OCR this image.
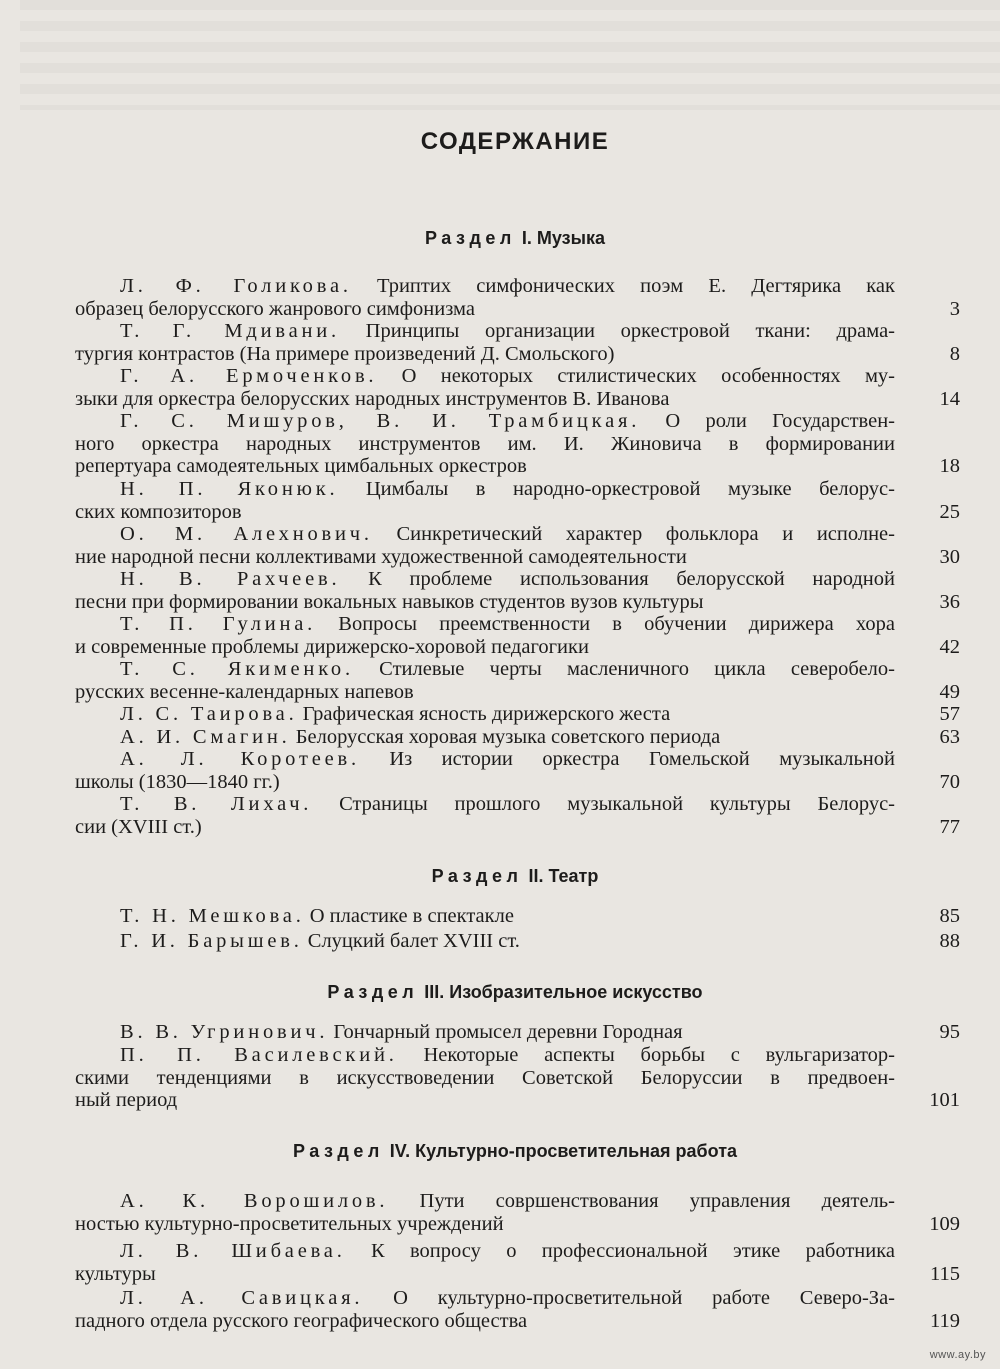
СОДЕРЖАНИЕ
Раздел I. Музыка
Л. Ф. Голикова. Триптих симфонических поэм Е. Дегтярика как
образец белорусского жанрового симфонизма	3
Т. Г. Мдивани. Принципы организации оркестровой ткани: драма-
тургия контрастов (На примере произведений Д. Смольского)	8
Г. А. Ермоченков. О некоторых стилистических особенностях му-
зыки для оркестра белорусских народных инструментов В. Иванова	14
Г. С. Мишуров, В. И. Трамбицкая. О роли Государствен-
ного оркестра народных инструментов им. И. Жиновича в формировании
репертуара самодеятельных цимбальных оркестров	18
Н. П. Яконюк. Цимбалы в народно-оркестровой музыке белорус-
ских композиторов	25
О. М. Алехнович. Синкретический характер фольклора и исполне-
ние народной песни коллективами художественной самодеятельности	30
Н. В. Рахчеев. К проблеме использования белорусской народной
песни при формировании вокальных навыков студентов вузов культуры	36
Т. П. Гулина. Вопросы преемственности в обучении дирижера хора
и современные проблемы дирижерско-хоровой педагогики	42
Т. С. Якименко. Стилевые черты масленичного цикла северобело-
русских весенне-календарных напевов	49
Л. С. Таирова. Графическая ясность дирижерского жеста	57
А. И. Смагин. Белорусская хоровая музыка советского периода	63
А. Л. Коротеев. Из истории оркестра Гомельской музыкальной
школы (1830—1840 гг.)	70
Т. В. Лихач. Страницы прошлого музыкальной культуры Белорус-
сии (XVIII ст.)	77
Раздел II. Театр
Т. Н. Мешкова. О пластике в спектакле	85
Г. И. Барышев. Слуцкий балет XVIII ст.	88
Раздел III. Изобразительное искусство
В. В. Угринович. Гончарный промысел деревни Городная	95
П. П. Василевский. Некоторые аспекты борьбы с вульгаризатор-
скими тенденциями в искусствоведении Советской Белоруссии в предвоен-
ный период	101
Раздел IV. Культурно-просветительная работа
А. К. Ворошилов. Пути совршенствования управления деятель-
ностью культурно-просветительных учреждений	109
Л. В. Шибаева. К вопросу о профессиональной этике работника
культуры	115
Л. А. Савицкая. О культурно-просветительной работе Северо-За-
падного отдела русского географического общества	119
www.ay.by
